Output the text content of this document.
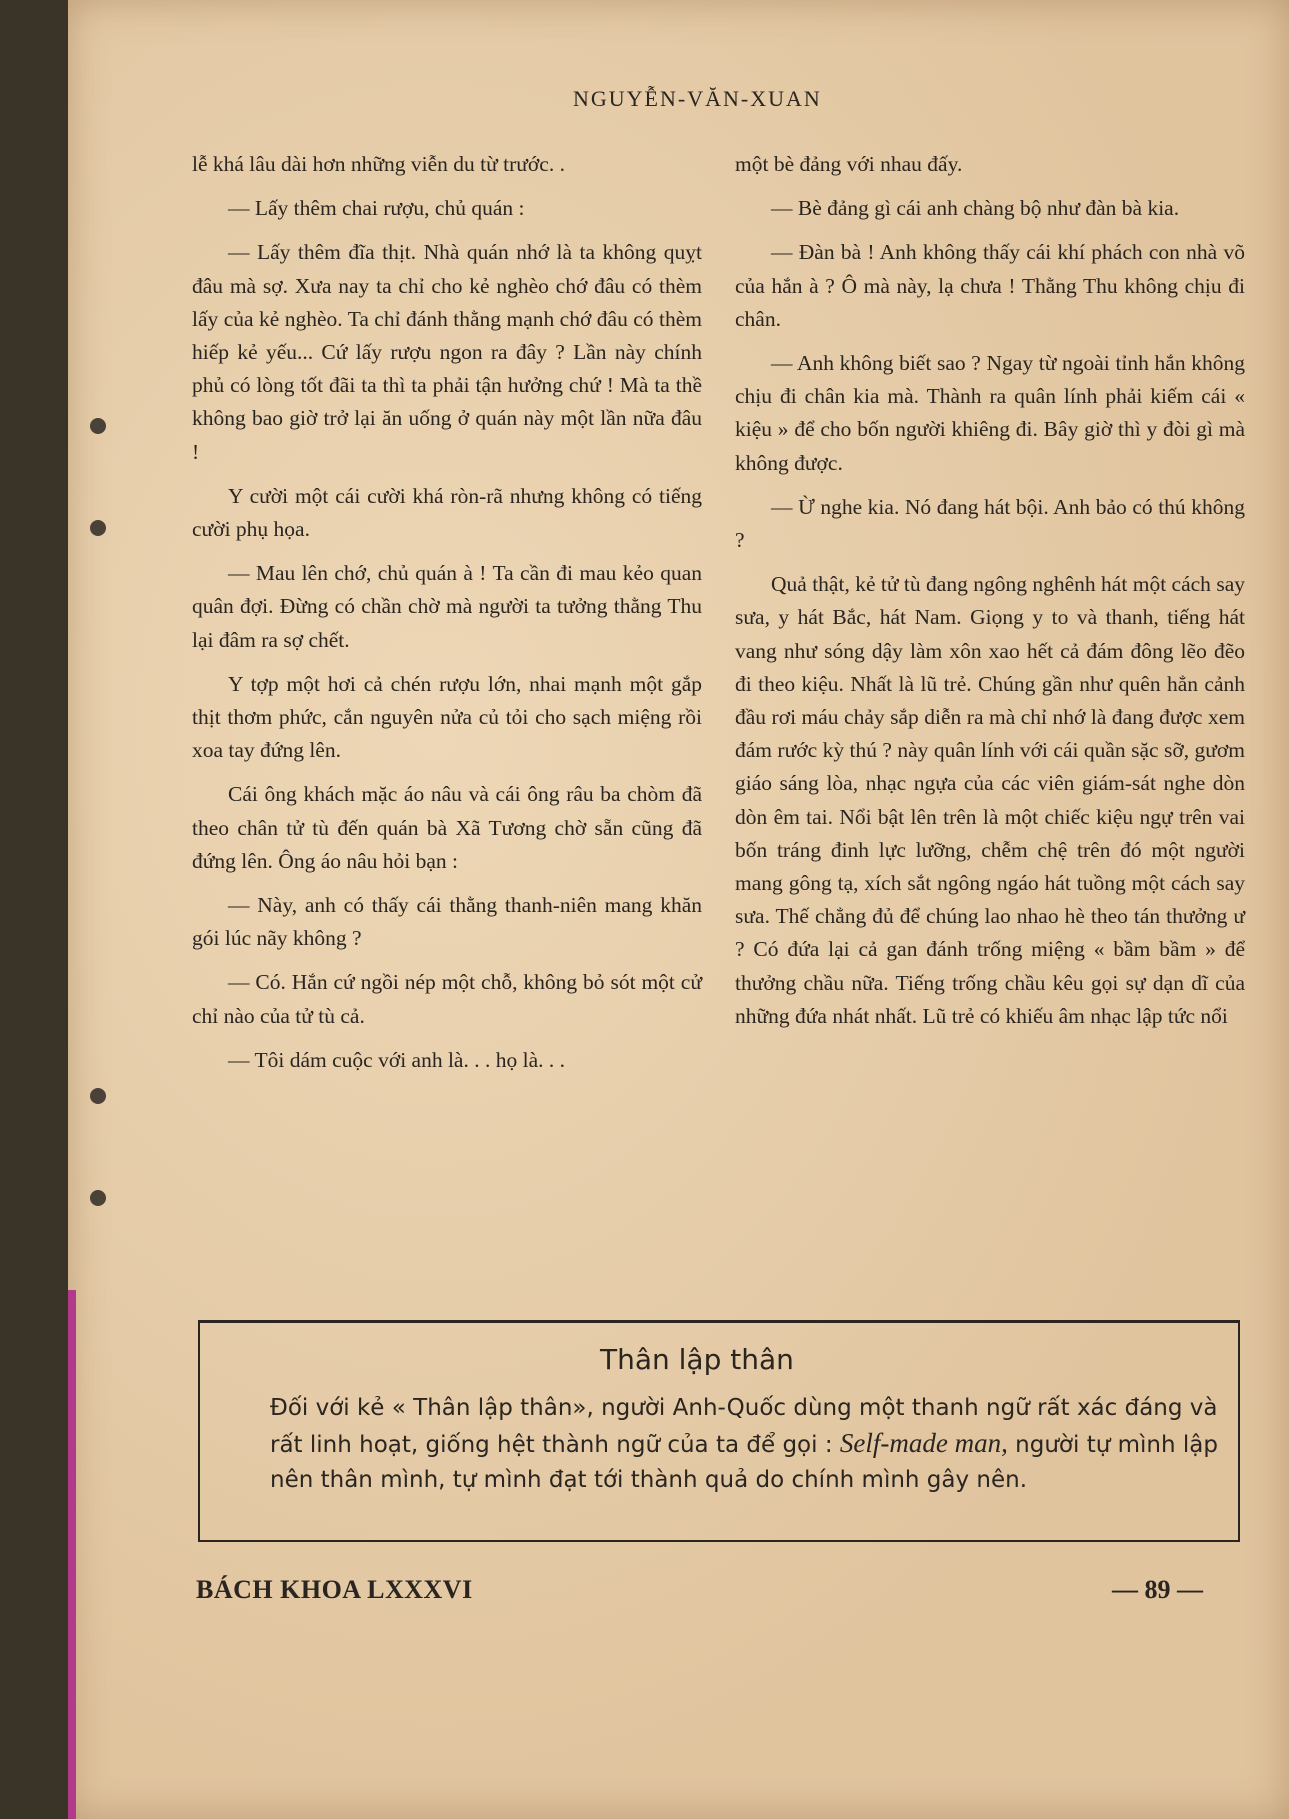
NGUYỄN-VĂN-XUAN

lễ khá lâu dài hơn những viễn du từ trước. .

— Lấy thêm chai rượu, chủ quán :

— Lấy thêm đĩa thịt. Nhà quán nhớ là ta không quỵt đâu mà sợ. Xưa nay ta chỉ cho kẻ nghèo chớ đâu có thèm lấy của kẻ nghèo. Ta chỉ đánh thằng mạnh chớ đâu có thèm hiếp kẻ yếu... Cứ lấy rượu ngon ra đây ? Lần này chính phủ có lòng tốt đãi ta thì ta phải tận hưởng chứ ! Mà ta thề không bao giờ trở lại ăn uống ở quán này một lần nữa đâu !

Y cười một cái cười khá ròn-rã nhưng không có tiếng cười phụ họa.

— Mau lên chớ, chủ quán à ! Ta cần đi mau kẻo quan quân đợi. Đừng có chần chờ mà người ta tưởng thằng Thu lại đâm ra sợ chết.

Y tợp một hơi cả chén rượu lớn, nhai mạnh một gắp thịt thơm phức, cắn nguyên nửa củ tỏi cho sạch miệng rồi xoa tay đứng lên.

Cái ông khách mặc áo nâu và cái ông râu ba chòm đã theo chân tử tù đến quán bà Xã Tương chờ sẵn cũng đã đứng lên. Ông áo nâu hỏi bạn :

— Này, anh có thấy cái thằng thanh-niên mang khăn gói lúc nãy không ?

— Có. Hắn cứ ngồi nép một chỗ, không bỏ sót một cử chỉ nào của tử tù cả.

— Tôi dám cuộc với anh là. . . họ là. . .

một bè đảng với nhau đấy.

— Bè đảng gì cái anh chàng bộ như đàn bà kia.

— Đàn bà ! Anh không thấy cái khí phách con nhà võ của hắn à ? Ô mà này, lạ chưa ! Thằng Thu không chịu đi chân.

— Anh không biết sao ? Ngay từ ngoài tỉnh hắn không chịu đi chân kia mà. Thành ra quân lính phải kiếm cái « kiệu » để cho bốn người khiêng đi. Bây giờ thì y đòi gì mà không được.

— Ừ nghe kia. Nó đang hát bội. Anh bảo có thú không ?

Quả thật, kẻ tử tù đang ngông nghênh hát một cách say sưa, y hát Bắc, hát Nam. Giọng y to và thanh, tiếng hát vang như sóng dậy làm xôn xao hết cả đám đông lẽo đẽo đi theo kiệu. Nhất là lũ trẻ. Chúng gần như quên hẳn cảnh đầu rơi máu chảy sắp diễn ra mà chỉ nhớ là đang được xem đám rước kỳ thú ? này quân lính với cái quần sặc sỡ, gươm giáo sáng lòa, nhạc ngựa của các viên giám-sát nghe dòn dòn êm tai. Nổi bật lên trên là một chiếc kiệu ngự trên vai bốn tráng đinh lực lưỡng, chễm chệ trên đó một người mang gông tạ, xích sắt ngông ngáo hát tuồng một cách say sưa. Thế chẳng đủ để chúng lao nhao hè theo tán thưởng ư ? Có đứa lại cả gan đánh trống miệng « bầm bầm » để thưởng chầu nữa. Tiếng trống chầu kêu gọi sự dạn dĩ của những đứa nhát nhất. Lũ trẻ có khiếu âm nhạc lập tức nổi

Thân lập thân
Đối với kẻ « Thân lập thân», người Anh-Quốc dùng một thanh ngữ rất xác đáng và rất linh hoạt, giống hệt thành ngữ của ta để gọi : Self-made man, người tự mình lập nên thân mình, tự mình đạt tới thành quả do chính mình gây nên.
BÁCH KHOA LXXXVI	— 89 —
